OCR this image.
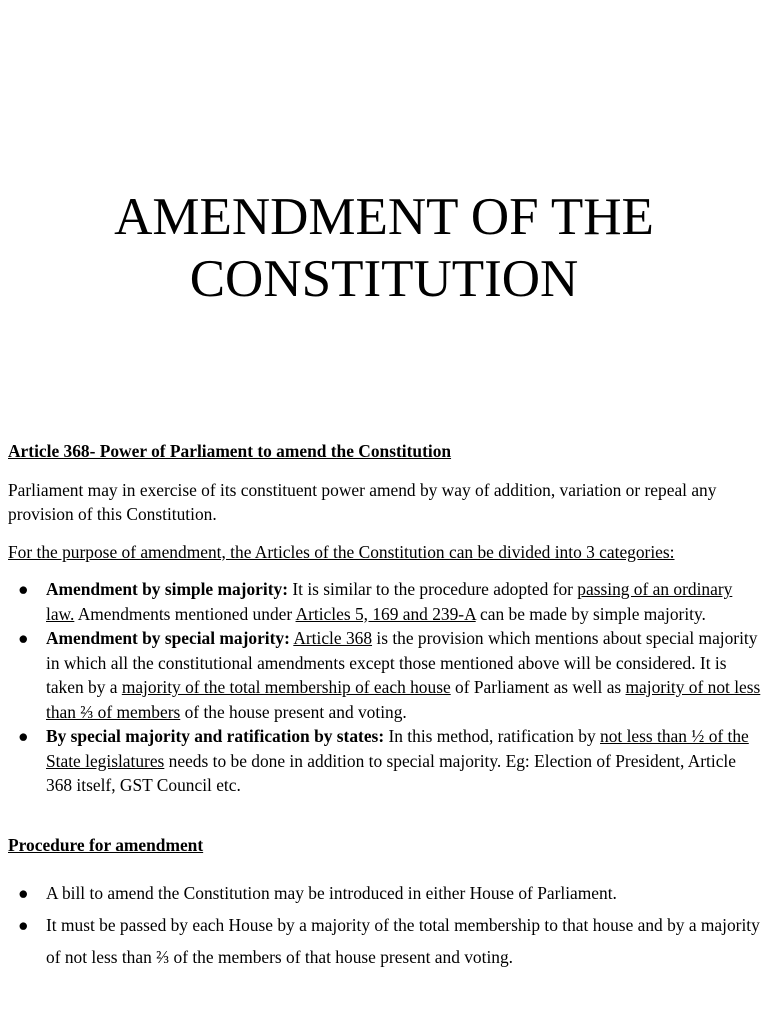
AMENDMENT OF THE
CONSTITUTION

Article 368- Power of Parliament to amend the Constitution

Parliament may in exercise of its constituent power amend by way of addition, variation or repeal any provision of this Constitution.

For the purpose of amendment, the Articles of the Constitution can be divided into 3 categories:

● Amendment by simple majority: It is similar to the procedure adopted for passing of an ordinary law. Amendments mentioned under Articles 5, 169 and 239-A can be made by simple majority.
● Amendment by special majority: Article 368 is the provision which mentions about special majority in which all the constitutional amendments except those mentioned above will be considered. It is taken by a majority of the total membership of each house of Parliament as well as majority of not less than ⅔ of members of the house present and voting.
● By special majority and ratification by states: In this method, ratification by not less than ½ of the State legislatures needs to be done in addition to special majority. Eg: Election of President, Article 368 itself, GST Council etc.

Procedure for amendment

● A bill to amend the Constitution may be introduced in either House of Parliament.
● It must be passed by each House by a majority of the total membership to that house and by a majority of not less than ⅔ of the members of that house present and voting.
